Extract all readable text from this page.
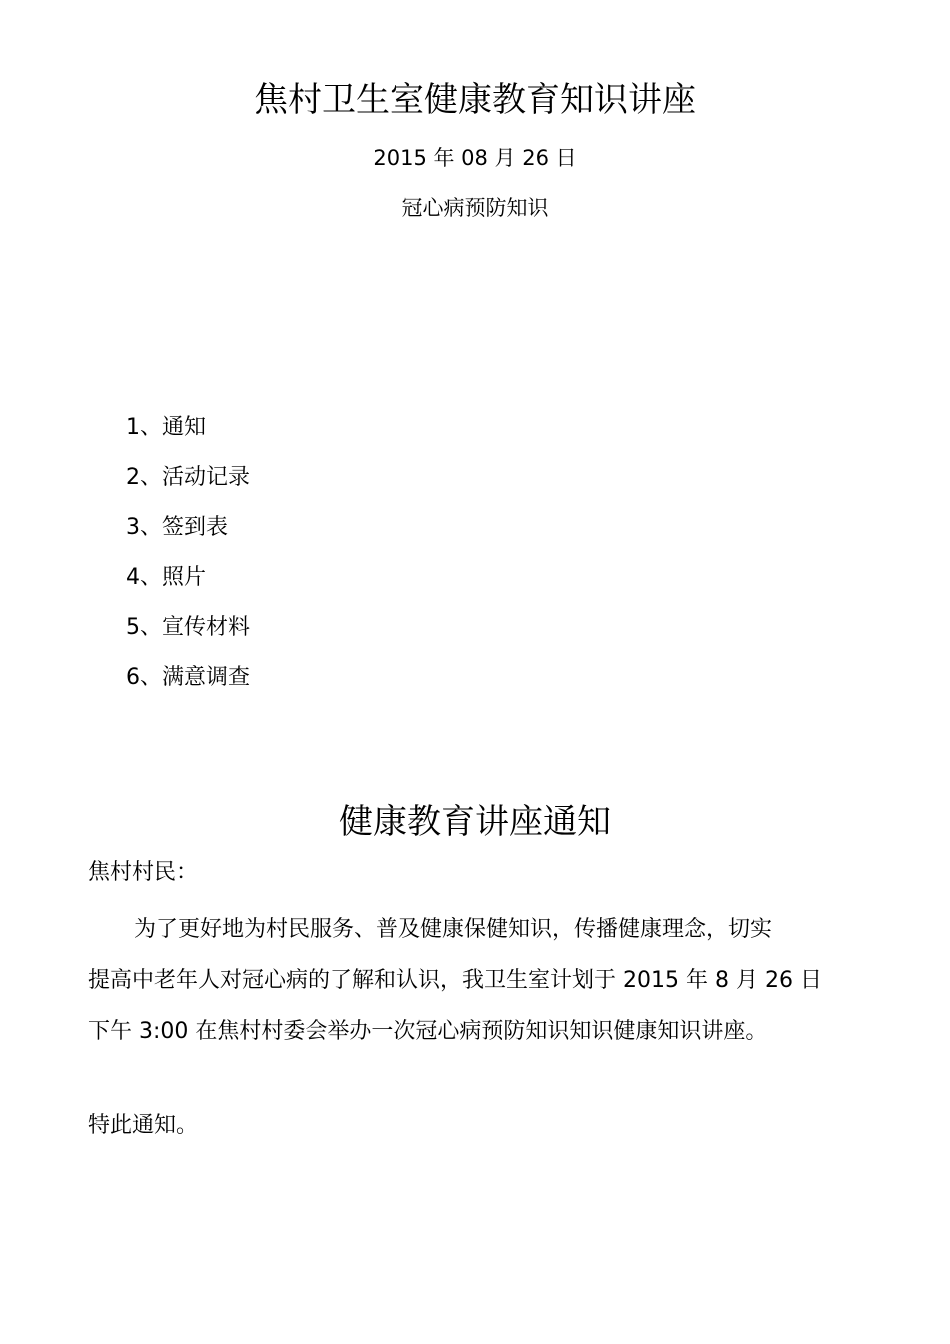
焦村卫生室健康教育知识讲座
2015 年 08 月 26 日
冠心病预防知识
1、通知
2、活动记录
3、签到表
4、照片
5、宣传材料
6、满意调查
健康教育讲座通知
焦村村民：
为了更好地为村民服务、普及健康保健知识，传播健康理念，切实
提高中老年人对冠心病的了解和认识，我卫生室计划于 2015 年 8 月 26 日
下午 3:00 在焦村村委会举办一次冠心病预防知识知识健康知识讲座。
特此通知。
